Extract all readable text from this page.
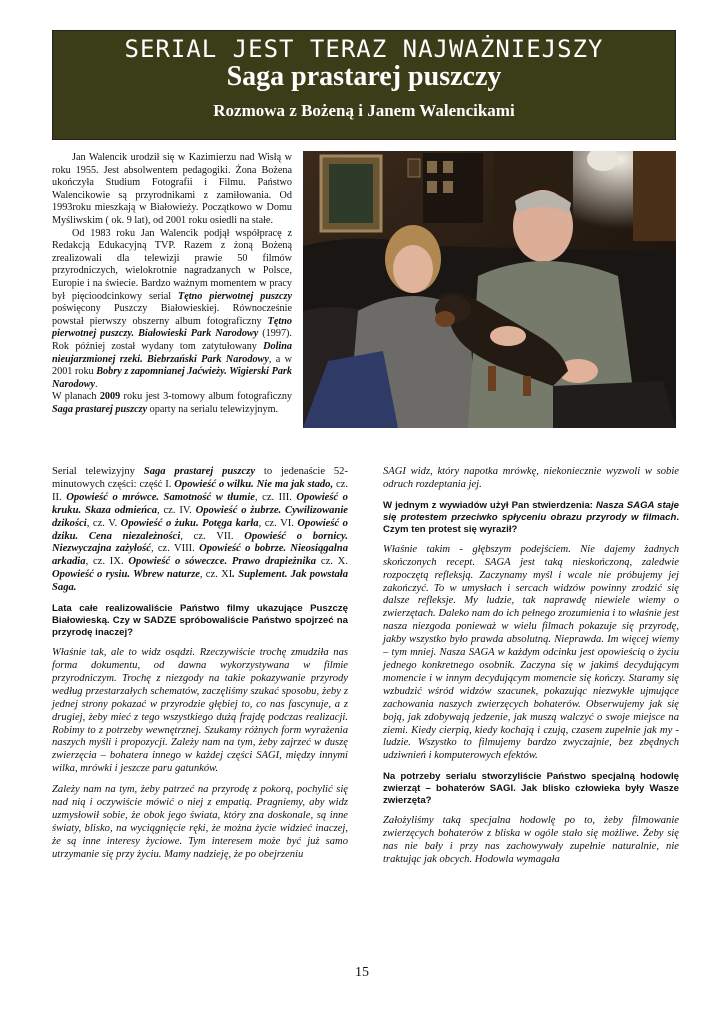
SERIAL JEST TERAZ NAJWAŻNIEJSZY
Saga prastarej puszczy
Rozmowa z Bożeną i Janem Walencikami

Jan Walencik urodził się w Kazimierzu nad Wisłą w roku 1955. Jest absolwentem pedagogiki. Żona Bożena ukończyła Studium Fotografii i Filmu. Państwo Walencikowie są przyrodnikami z zamiłowania. Od 1993roku mieszkają w Białowieży. Początkowo w Domu Myśliwskim ( ok. 9 lat), od 2001 roku osiedli na stałe.

Od 1983 roku Jan Walencik podjął współpracę z Redakcją Edukacyjną TVP. Razem z żoną Bożeną zrealizowali dla telewizji prawie 50 filmów przyrodniczych, wielokrotnie nagradzanych w Polsce, Europie i na świecie. Bardzo ważnym momentem w pracy był pięcioodcinkowy serial Tętno pierwotnej puszczy poświęcony Puszczy Białowieskiej. Równocześnie powstał pierwszy obszerny album fotograficzny Tętno pierwotnej puszczy. Białowieski Park Narodowy (1997). Rok później został wydany tom zatytułowany Dolina nieujarzmionej rzeki. Biebrzański Park Narodowy, a w 2001 roku Bobry z zapomnianej Jaćwieży. Wigierski Park Narodowy.

W planach 2009 roku jest 3-tomowy album fotograficzny Saga prastarej puszczy oparty na serialu telewizyjnym.

Serial telewizyjny Saga prastarej puszczy to jedenaście 52-minutowych części: część I. Opowieść o wilku. Nie ma jak stado, cz. II. Opowieść o mrówce. Samotność w tłumie, cz. III. Opowieść o kruku. Skaza odmieńca, cz. IV. Opowieść o żubrze. Cywilizowanie dzikości, cz. V. Opowieść o żuku. Potęga karła, cz. VI. Opowieść o dziku. Cena niezależności, cz. VII. Opowieść o bornicy. Niezwyczajna zażyłość, cz. VIII. Opowieść o bobrze. Nieosiągalna arkadia, cz. IX. Opowieść o sóweczce. Prawo drapieżnika cz. X. Opowieść o rysiu. Wbrew naturze, cz. XI. Suplement. Jak powstała Saga.

Lata całe realizowaliście Państwo filmy ukazujące Puszczę Białowieską. Czy w SADZE spróbowaliście Państwo spojrzeć na przyrodę inaczej?

Właśnie tak, ale to widz osądzi. Rzeczywiście trochę zmudziła nas forma dokumentu, od dawna wykorzystywana w filmie przyrodniczym. Trochę z niezgody na takie pokazywanie przyrody według przestarzałych schematów, zaczęliśmy szukać sposobu, żeby z jednej strony pokazać w przyrodzie głębiej to, co nas fascynuje, a z drugiej, żeby mieć z tego wszystkiego dużą frajdę podczas realizacji. Robimy to z potrzeby wewnętrznej. Szukamy różnych form wyrażenia naszych myśli i propozycji. Zależy nam na tym, żeby zajrzeć w duszę zwierzęcia – bohatera innego w każdej części SAGI, między innymi wilka, mrówki i jeszcze paru gatunków.

Zależy nam na tym, żeby patrzeć na przyrodę z pokorą, pochylić się nad nią i oczywiście mówić o niej z empatią. Pragniemy, aby widz uzmysłowił sobie, że obok jego świata, który zna doskonale, są inne światy, blisko, na wyciągnięcie ręki, że można życie widzieć inaczej, że są inne interesy życiowe. Tym interesem może być już samo utrzymanie się przy życiu. Mamy nadzieję, że po obejrzeniu

SAGI widz, który napotka mrówkę, niekoniecznie wyzwoli w sobie odruch rozdeptania jej.

W jednym z wywiadów użył Pan stwierdzenia: Nasza SAGA staje się protestem przeciwko spłyceniu obrazu przyrody w filmach. Czym ten protest się wyraził?

Właśnie takim - głębszym podejściem. Nie dajemy żadnych skończonych recept. SAGA jest taką nieskończoną, zaledwie rozpoczętą refleksją. Zaczynamy myśl i wcale nie próbujemy jej zakończyć. To w umysłach i sercach widzów powinny zrodzić się dalsze refleksje. My ludzie, tak naprawdę niewiele wiemy o zwierzętach. Daleko nam do ich pełnego zrozumienia i to właśnie jest nasza niezgoda ponieważ w wielu filmach pokazuje się przyrodę, jakby wszystko było prawda absolutną. Nieprawda. Im więcej wiemy – tym mniej. Nasza SAGA w każdym odcinku jest opowieścią o życiu jednego konkretnego osobnik. Zaczyna się w jakimś decydującym momencie i w innym decydującym momencie się kończy. Staramy się wzbudzić wśród widzów szacunek, pokazując niezwykłe ujmujące zachowania naszych zwierzęcych bohaterów. Obserwujemy jak się boją, jak zdobywają jedzenie, jak muszą walczyć o swoje miejsce na ziemi. Kiedy cierpią, kiedy kochają i czują, czasem zupełnie jak my - ludzie. Wszystko to filmujemy bardzo zwyczajnie, bez zbędnych udziwnień i komputerowych efektów.

Na potrzeby serialu stworzyliście Państwo specjalną hodowlę zwierząt – bohaterów SAGI. Jak blisko człowieka były Wasze zwierzęta?

Założyliśmy taką specjalna hodowlę po to, żeby filmowanie zwierzęcych bohaterów z bliska w ogóle stało się możliwe. Żeby się nas nie bały i przy nas zachowywały zupełnie naturalnie, nie traktując jak obcych. Hodowla wymagała

15
